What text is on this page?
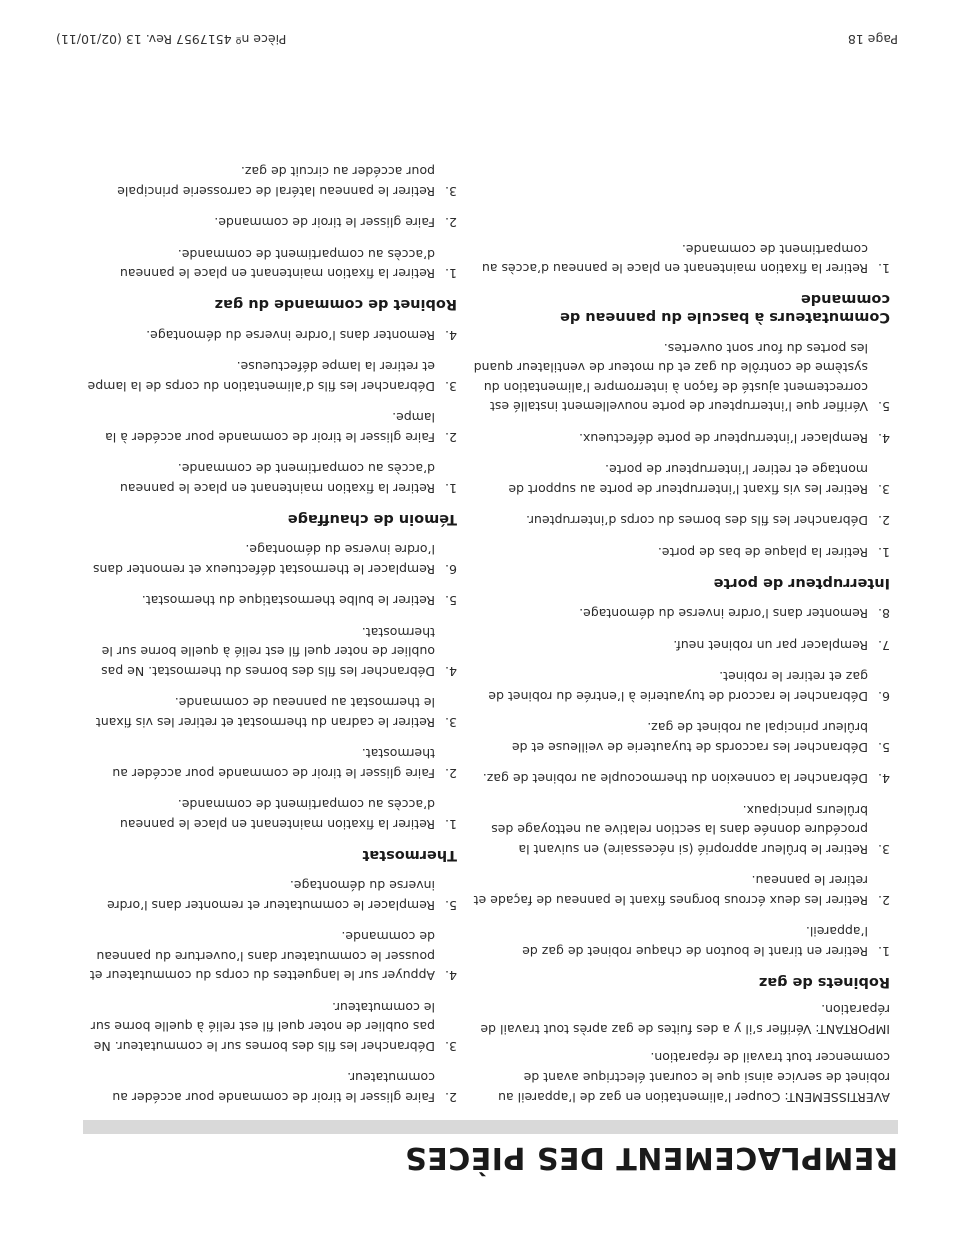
REMPLACEMENT DES PIÈCES

AVERTISSEMENT: Couper l’alimentation en gaz de l’appareil au robinet de service ainsi que le courant électrique avant de commencer tout travail de réparation.

IMPORTANT: Vérifier s’il y a des fuites de gaz après tout travail de réparation.

Robinets de gaz
1.
Retirer en tirant le bouton de chaque robinet de gaz de l’appareil.
2.
Retirer les deux écrous borgnes fixant le panneau de façade et retirer le panneau.
3.
Retirer le brûleur approprié (si nécessaire) en suivant la procédure donnée dans la section relative au nettoyage des brûleurs principaux.
4.
Débrancher la connexion du thermocouple au robinet de gaz.
5.
Débrancher les raccords de tuyauterie de veilleuse et de brûleur principal au robinet de gaz.
6.
Débrancher le raccord de tuyauterie à l’entrée du robinet de gaz et retirer le robinet.
7.
Remplacer par un robinet neuf.
8.
Remonter dans l’ordre inverse du démontage.
Interrupteur de porte
1.
Retirer la plaque de bas de porte.
2.
Débrancher les fils des bornes du corps d’interrupteur.
3.
Retirer les vis fixant l’interrupteur de porte au support de montage et retirer l’interrupteur de porte.
4.
Remplacer l’interrupteur de porte défectueux.
5.
Vérifier que l’interrupteur de porte nouvellement installé est correctement ajusté de façon à interrompre l’alimentation du système de contrôle du gaz et du moteur de ventilateur quand les portes du four sont ouvertes.
Commutateurs à bascule du panneau de commande
1.
Retirer la fixation maintenant en place le panneau d’accès au compartiment de commande.
2.
Faire glisser le tiroir de commande pour accéder au commutateur.
3.
Débrancher les fils des bornes sur le commutateur. Ne pas oublier de noter quel fil est relié à quelle borne sur le commutateur.
4.
Appuyer sur le languettes du corps du commutateur et pousser le commutateur dans l’ouverture du panneau de commande.
5.
Remplacer le commutateur et remonter dans l’ordre inverse du démontage.
Thermostat
1.
Retirer la fixation maintenant en place le panneau d’accès au compartiment de commande.
2.
Faire glisser le tiroir de commande pour accéder au thermostat.
3.
Retirer le cadran du thermostat et retirer les vis fixant le thermostat au panneau de commande.
4.
Débrancher les fils des bornes du thermostat. Ne pas oublier de noter quel fil est relié à quelle borne sur le thermostat.
5.
Retirer le bulbe thermostatique du thermostat.
6.
Remplacer le thermostat défectueux et remonter dans l’ordre inverse du démontage.
Témoin de chauffage
1.
Retirer la fixation maintenant en place le panneau d’accès au compartiment de commande.
2.
Faire glisser le tiroir de commande pour accéder à la lampe.
3.
Débrancher les fils d’alimentation du corps de la lampe et retirer la lampe défectueuse.
4.
Remonter dans l’ordre inverse du démontage.
Robinet de commande du gaz
1.
Retirer la fixation maintenant en place le panneau d’accès au compartiment de commande.
2.
Faire glisser le tiroir de commande.
3.
Retirer le panneau latéral de carrosserie principale pour accéder au circuit de gaz.
Page 18
Pièce nº 4517957 Rev. 13 (02/10/11)
